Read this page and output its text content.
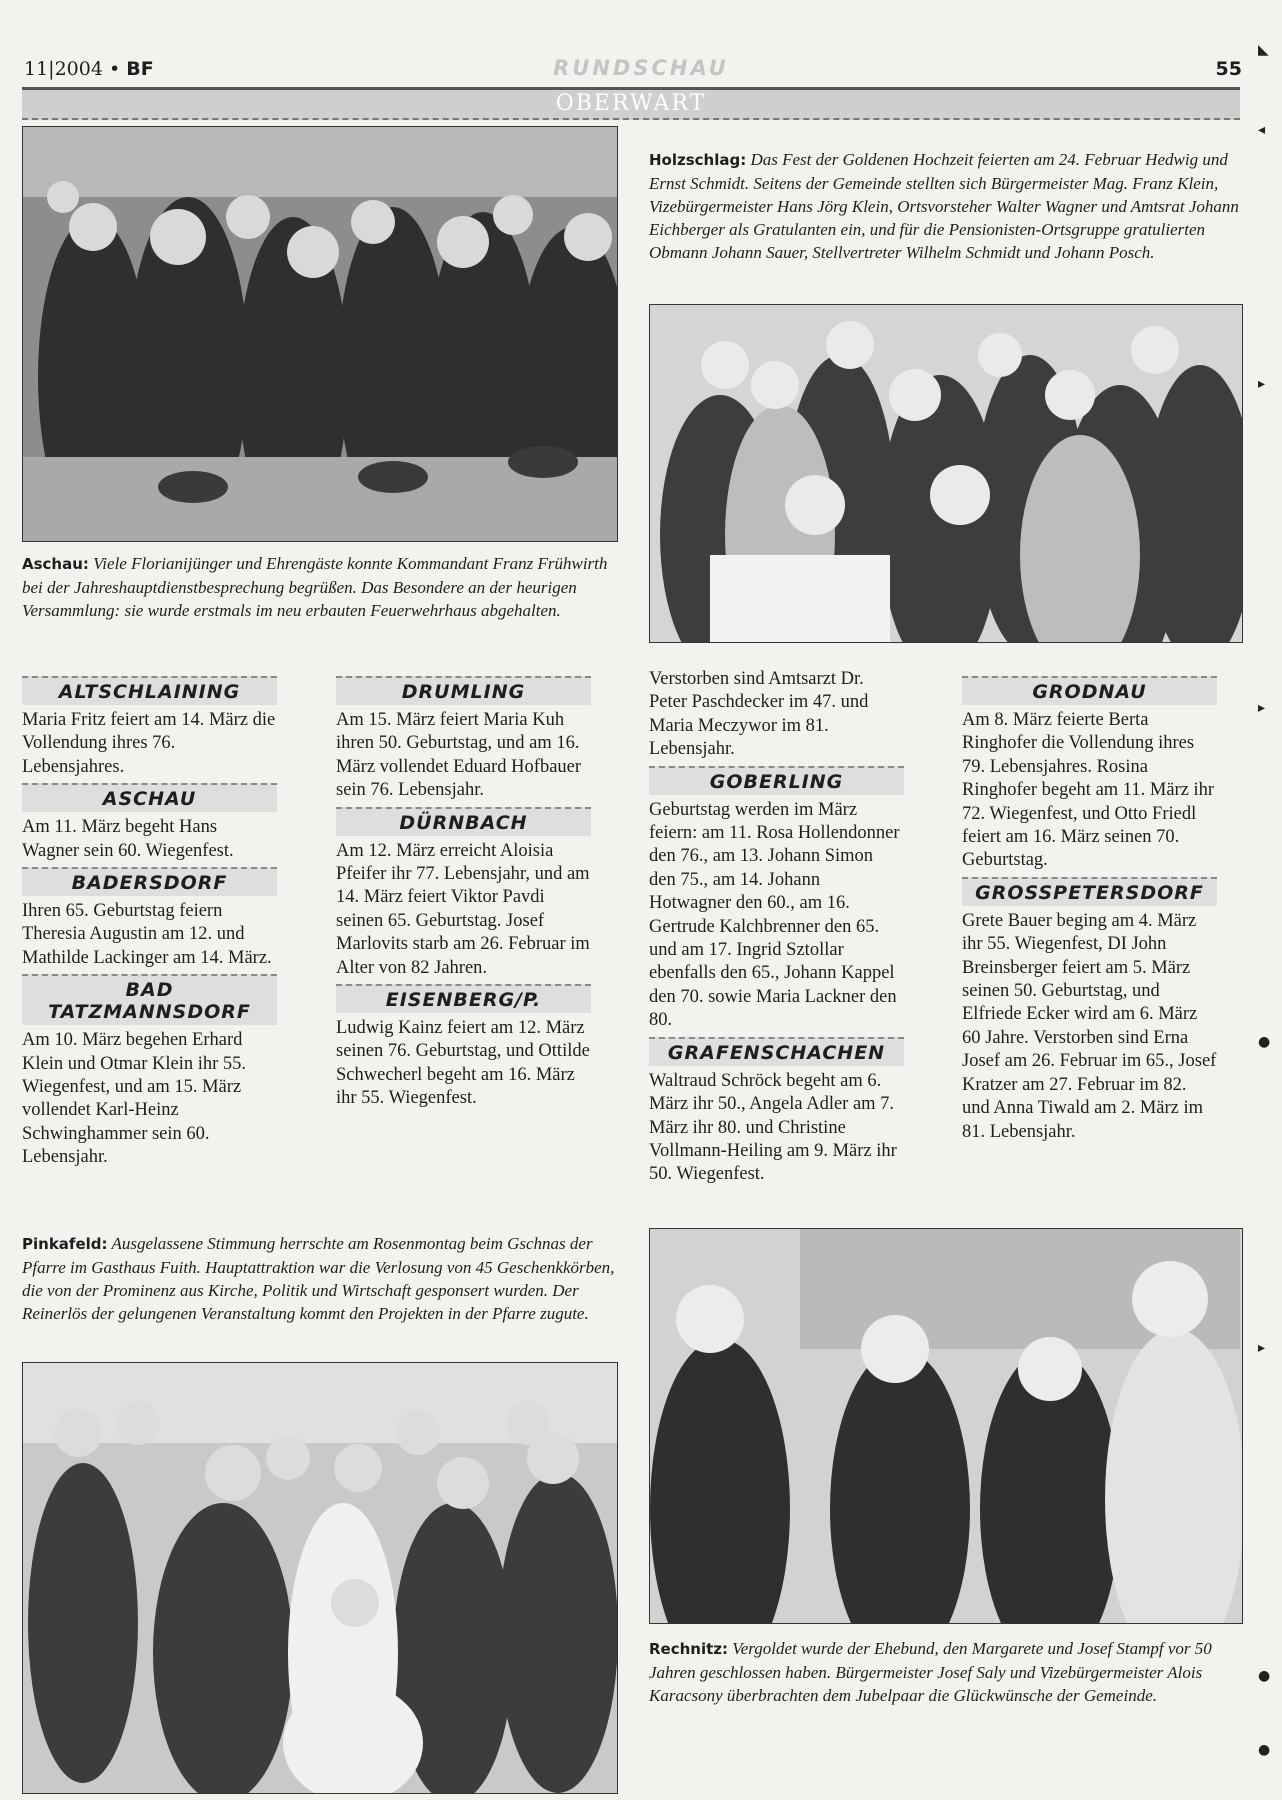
11|2004 • BF	RUNDSCHAU	55
OBERWART
Holzschlag: Das Fest der Goldenen Hochzeit feierten am 24. Februar Hedwig und Ernst Schmidt. Seitens der Gemeinde stellten sich Bürgermeister Mag. Franz Klein, Vizebürgermeister Hans Jörg Klein, Ortsvorsteher Walter Wagner und Amtsrat Johann Eichberger als Gratulanten ein, und für die Pensionisten-Ortsgruppe gratulierten Obmann Johann Sauer, Stellvertreter Wilhelm Schmidt und Johann Posch.
Aschau: Viele Florianijünger und Ehrengäste konnte Kommandant Franz Frühwirth bei der Jahreshauptdienstbesprechung begrüßen. Das Besondere an der heurigen Versammlung: sie wurde erstmals im neu erbauten Feuerwehrhaus abgehalten.
ALTSCHLAINING
Maria Fritz feiert am 14. März die Vollendung ihres 76. Lebensjahres.
ASCHAU
Am 11. März begeht Hans Wagner sein 60. Wiegenfest.
BADERSDORF
Ihren 65. Geburtstag feiern Theresia Augustin am 12. und Mathilde Lackinger am 14. März.
BAD TATZMANNSDORF
Am 10. März begehen Erhard Klein und Otmar Klein ihr 55. Wiegenfest, und am 15. März vollendet Karl-Heinz Schwinghammer sein 60. Lebensjahr.
DRUMLING
Am 15. März feiert Maria Kuh ihren 50. Geburtstag, und am 16. März vollendet Eduard Hofbauer sein 76. Lebensjahr.
DÜRNBACH
Am 12. März erreicht Aloisia Pfeifer ihr 77. Lebensjahr, und am 14. März feiert Viktor Pavdi seinen 65. Geburtstag. Josef Marlovits starb am 26. Februar im Alter von 82 Jahren.
EISENBERG/P.
Ludwig Kainz feiert am 12. März seinen 76. Geburtstag, und Ottilde Schwecherl begeht am 16. März ihr 55. Wiegenfest.
Verstorben sind Amtsarzt Dr. Peter Paschdecker im 47. und Maria Meczywor im 81. Lebensjahr.
GOBERLING
Geburtstag werden im März feiern: am 11. Rosa Hollendonner den 76., am 13. Johann Simon den 75., am 14. Johann Hotwagner den 60., am 16. Gertrude Kalchbrenner den 65. und am 17. Ingrid Sztollar ebenfalls den 65., Johann Kappel den 70. sowie Maria Lackner den 80.
GRAFENSCHACHEN
Waltraud Schröck begeht am 6. März ihr 50., Angela Adler am 7. März ihr 80. und Christine Vollmann-Heiling am 9. März ihr 50. Wiegenfest.
GRODNAU
Am 8. März feierte Berta Ringhofer die Vollendung ihres 79. Lebensjahres. Rosina Ringhofer begeht am 11. März ihr 72. Wiegenfest, und Otto Friedl feiert am 16. März seinen 70. Geburtstag.
GROSSPETERSDORF
Grete Bauer beging am 4. März ihr 55. Wiegenfest, DI John Breinsberger feiert am 5. März seinen 50. Geburtstag, und Elfriede Ecker wird am 6. März 60 Jahre. Verstorben sind Erna Josef am 26. Februar im 65., Josef Kratzer am 27. Februar im 82. und Anna Tiwald am 2. März im 81. Lebensjahr.
Pinkafeld: Ausgelassene Stimmung herrschte am Rosenmontag beim Gschnas der Pfarre im Gasthaus Fuith. Hauptattraktion war die Verlosung von 45 Geschenkkörben, die von der Prominenz aus Kirche, Politik und Wirtschaft gesponsert wurden. Der Reinerlös der gelungenen Veranstaltung kommt den Projekten in der Pfarre zugute.
Rechnitz: Vergoldet wurde der Ehebund, den Margarete und Josef Stampf vor 50 Jahren geschlossen haben. Bürgermeister Josef Saly und Vizebürgermeister Alois Karacsony überbrachten dem Jubelpaar die Glückwünsche der Gemeinde.
◣
◂
▸
▸
●
▸
●
●
